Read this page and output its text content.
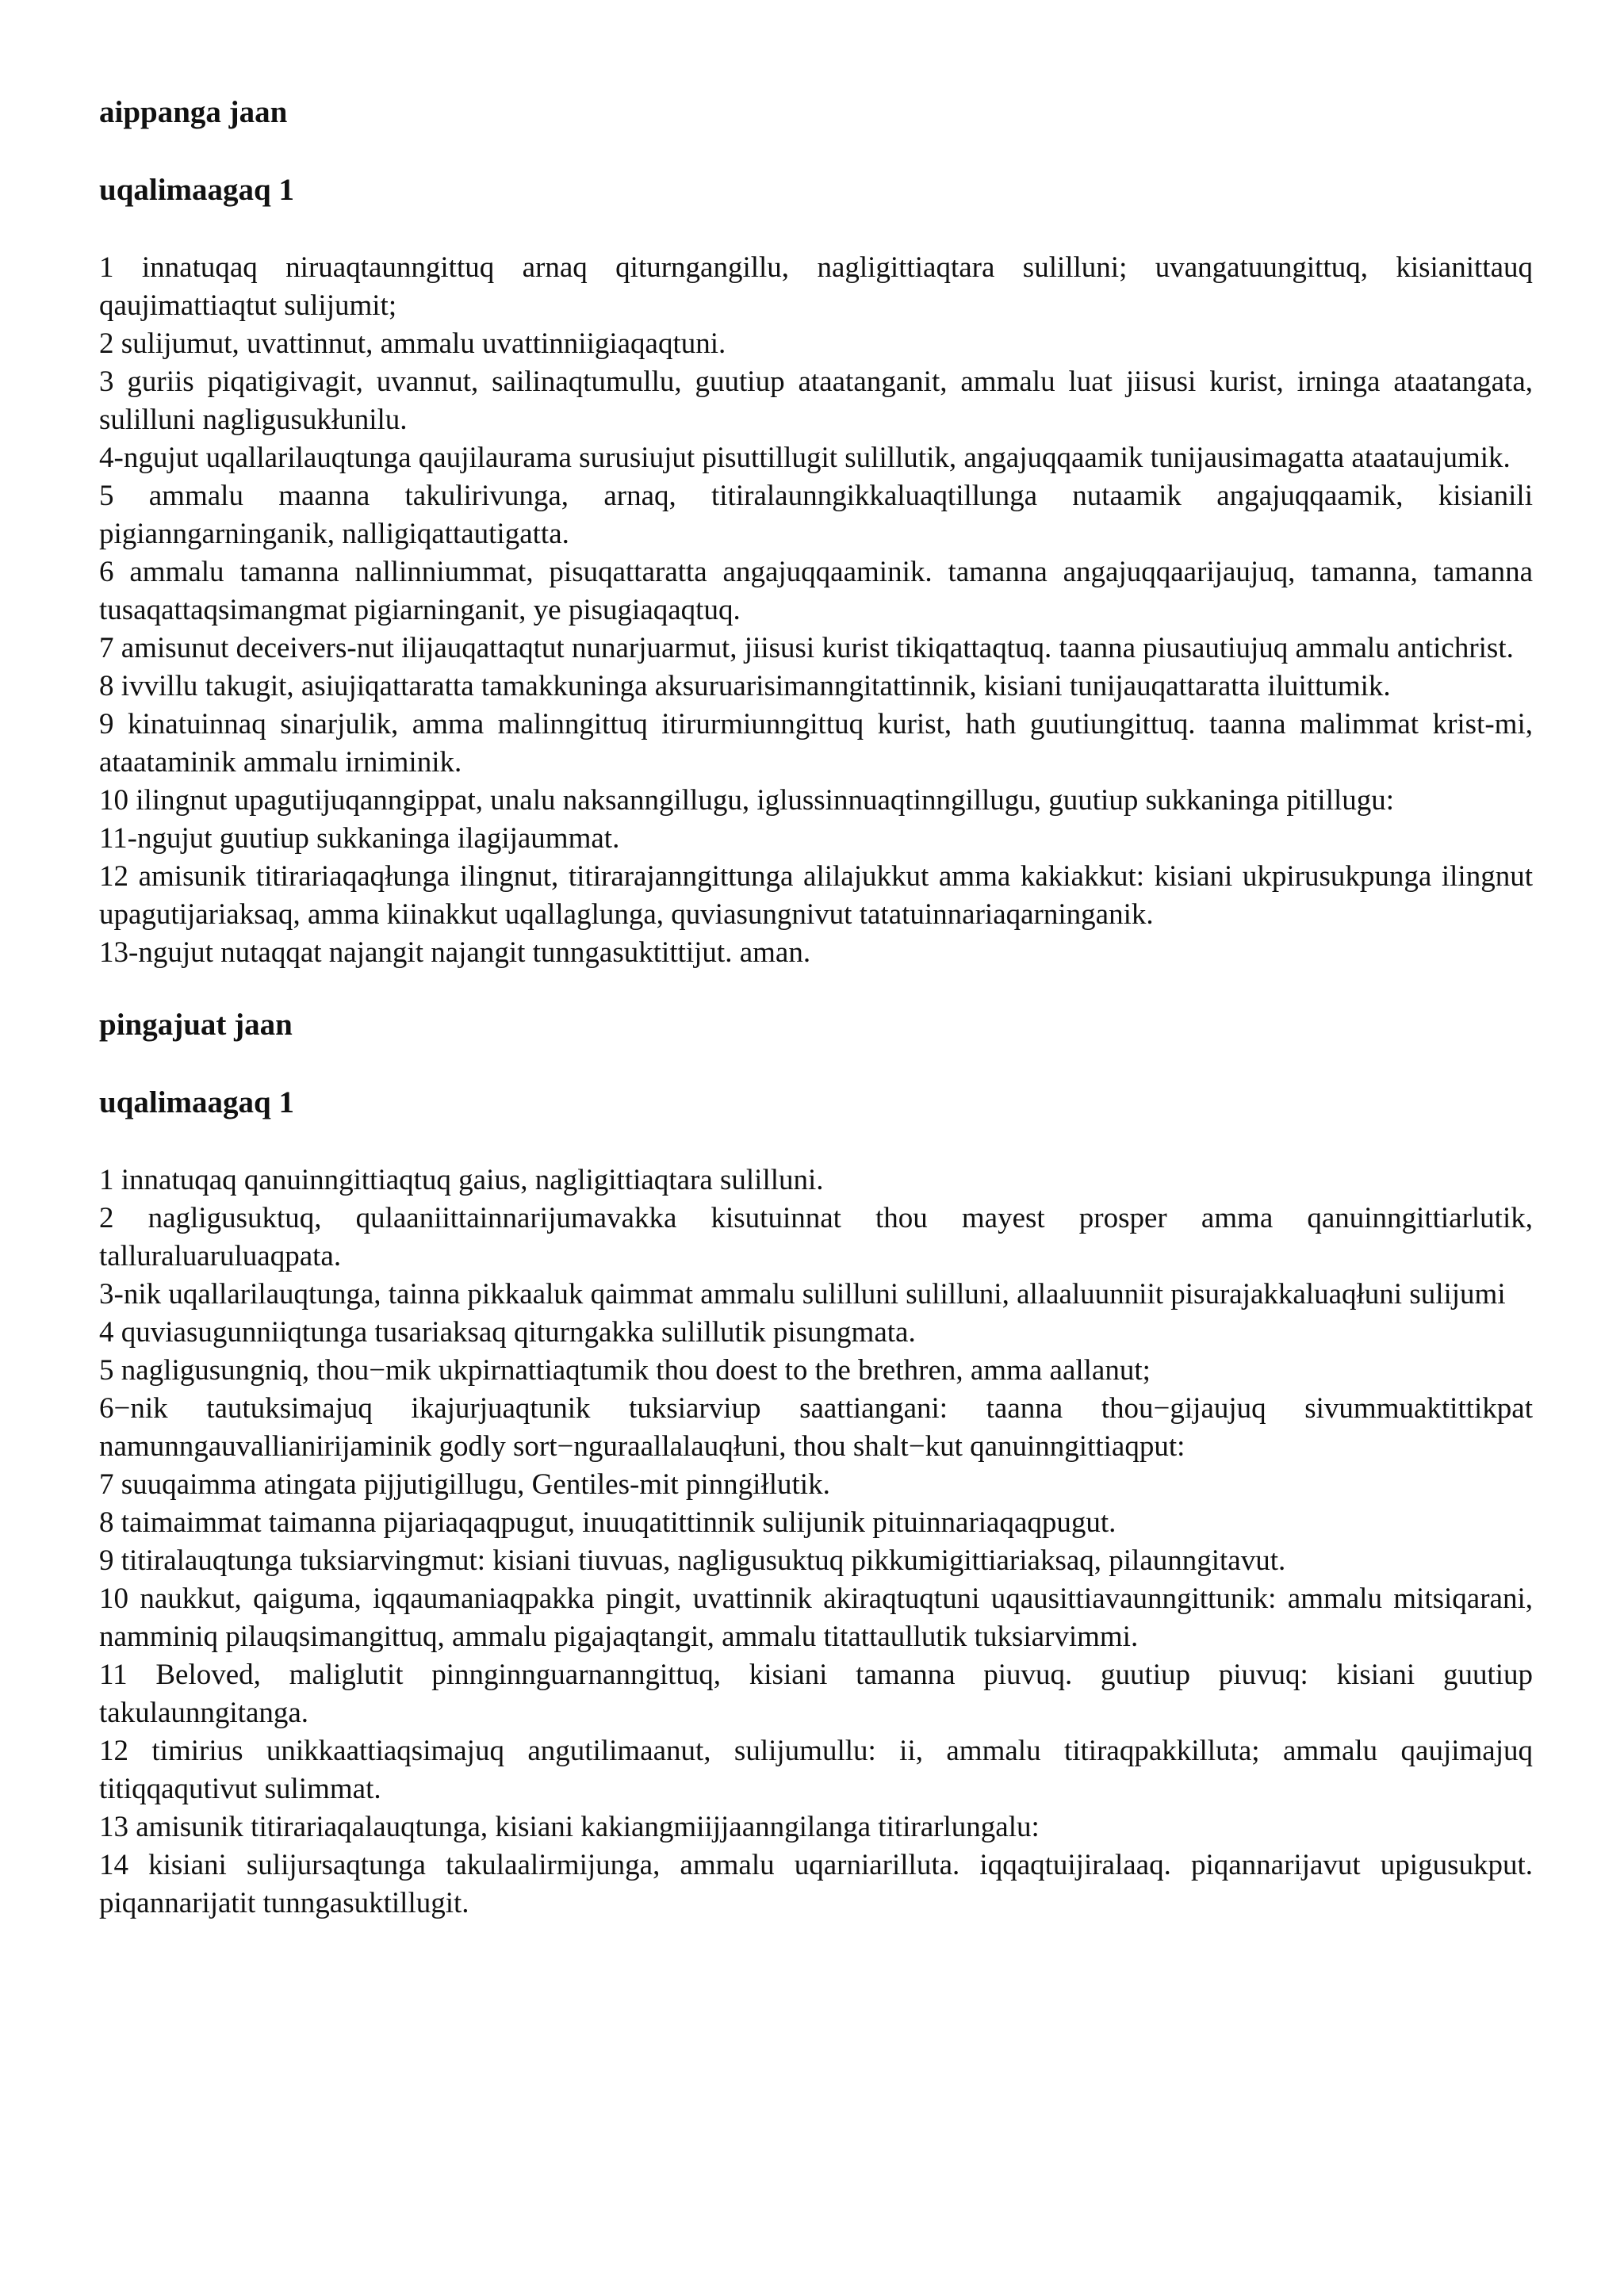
aippanga jaan
uqalimaagaq 1

1 innatuqaq niruaqtaunngittuq arnaq qiturngangillu, nagligittiaqtara sulilluni; uvangatuungittuq, kisianittauq qaujimattiaqtut sulijumit;

2 sulijumut, uvattinnut, ammalu uvattinniigiaqaqtuni.

3 guriis piqatigivagit, uvannut, sailinaqtumullu, guutiup ataatanganit, ammalu luat jiisusi kurist, irninga ataatangata, sulilluni nagligusukłunilu.

4-ngujut uqallarilauqtunga qaujilaurama surusiujut pisuttillugit sulillutik, angajuqqaamik tunijausimagatta ataataujumik.

5 ammalu maanna takulirivunga, arnaq, titiralaunngikkaluaqtillunga nutaamik angajuqqaamik, kisianili pigianngarninganik, nalligiqattautigatta.

6 ammalu tamanna nallinniummat, pisuqattaratta angajuqqaaminik. tamanna angajuqqaarijaujuq, tamanna, tamanna tusaqattaqsimangmat pigiarninganit, ye pisugiaqaqtuq.

7 amisunut deceivers-nut ilijauqattaqtut nunarjuarmut, jiisusi kurist tikiqattaqtuq. taanna piusautiujuq ammalu antichrist.

8 ivvillu takugit, asiujiqattaratta tamakkuninga aksuruarisimanngitattinnik, kisiani tunijauqattaratta iluittumik.

9 kinatuinnaq sinarjulik, amma malinngittuq itirurmiunngittuq kurist, hath guutiungittuq. taanna malimmat krist-mi, ataataminik ammalu irniminik.

10 ilingnut upagutijuqanngippat, unalu naksanngillugu, iglussinnuaqtinngillugu, guutiup sukkaninga pitillugu:

11-ngujut guutiup sukkaninga ilagijaummat.

12 amisunik titirariaqaqłunga ilingnut, titirarajanngittunga alilajukkut amma kakiakkut: kisiani ukpirusukpunga ilingnut upagutijariaksaq, amma kiinakkut uqallaglunga, quviasungnivut tatatuinnariaqarninganik.

13-ngujut nutaqqat najangit najangit tunngasuktittijut. aman.

pingajuat jaan
uqalimaagaq 1

1 innatuqaq qanuinngittiaqtuq gaius, nagligittiaqtara sulilluni.

2 nagligusuktuq, qulaaniittainnarijumavakka kisutuinnat thou mayest prosper amma qanuinngittiarlutik, talluraluaruluaqpata.

3-nik uqallarilauqtunga, tainna pikkaaluk qaimmat ammalu sulilluni sulilluni, allaaluunniit pisurajakkaluaqłuni sulijumi

4 quviasugunniiqtunga tusariaksaq qiturngakka sulillutik pisungmata.

5 nagligusungniq, thou−mik ukpirnattiaqtumik thou doest to the brethren, amma aallanut;

6−nik tautuksimajuq ikajurjuaqtunik tuksiarviup saattiangani: taanna thou−gijaujuq sivummuaktittikpat namunngauvallianirijaminik godly sort−nguraallalauqłuni, thou shalt−kut qanuinngittiaqput:

7 suuqaimma atingata pijjutigillugu, Gentiles-mit pinngiłlutik.

8 taimaimmat taimanna pijariaqaqpugut, inuuqatittinnik sulijunik pituinnariaqaqpugut.

9 titiralauqtunga tuksiarvingmut: kisiani tiuvuas, nagligusuktuq pikkumigittiariaksaq, pilaunngitavut.

10 naukkut, qaiguma, iqqaumaniaqpakka pingit, uvattinnik akiraqtuqtuni uqausittiavaunngittunik: ammalu mitsiqarani, namminiq pilauqsimangittuq, ammalu pigajaqtangit, ammalu titattaullutik tuksiarvimmi.

11 Beloved, maliglutit pinnginnguarnanngittuq, kisiani tamanna piuvuq. guutiup piuvuq: kisiani guutiup takulaunngitanga.

12 timirius unikkaattiaqsimajuq angutilimaanut, sulijumullu: ii, ammalu titiraqpakkilluta; ammalu qaujimajuq titiqqaqutivut sulimmat.

13 amisunik titirariaqalauqtunga, kisiani kakiangmiijjaanngilanga titirarlungalu:

14 kisiani sulijursaqtunga takulaalirmijunga, ammalu uqarniarilluta. iqqaqtuijiralaaq. piqannarijavut upigusukput. piqannarijatit tunngasuktillugit.
